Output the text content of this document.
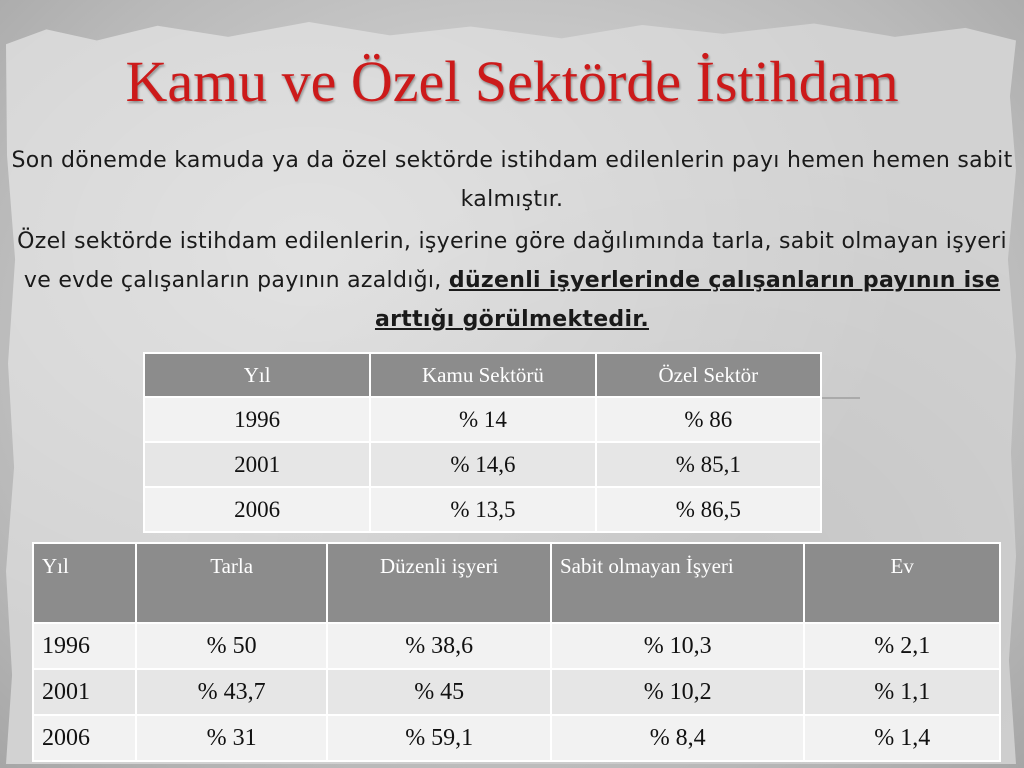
Kamu ve Özel Sektörde İstihdam

Son dönemde kamuda ya da özel sektörde istihdam edilenlerin payı hemen hemen sabit kalmıştır.

Özel sektörde istihdam edilenlerin, işyerine göre dağılımında tarla, sabit olmayan işyeri ve evde çalışanların payının azaldığı, düzenli işyerlerinde çalışanların payının ise arttığı görülmektedir.

Yıl	Kamu Sektörü	Özel Sektör
1996	% 14	% 86
2001	% 14,6	% 85,1
2006	% 13,5	% 86,5
Yıl	Tarla	Düzenli işyeri	Sabit olmayan İşyeri	Ev
1996	% 50	% 38,6	% 10,3	% 2,1
2001	% 43,7	% 45	% 10,2	% 1,1
2006	% 31	% 59,1	% 8,4	% 1,4
